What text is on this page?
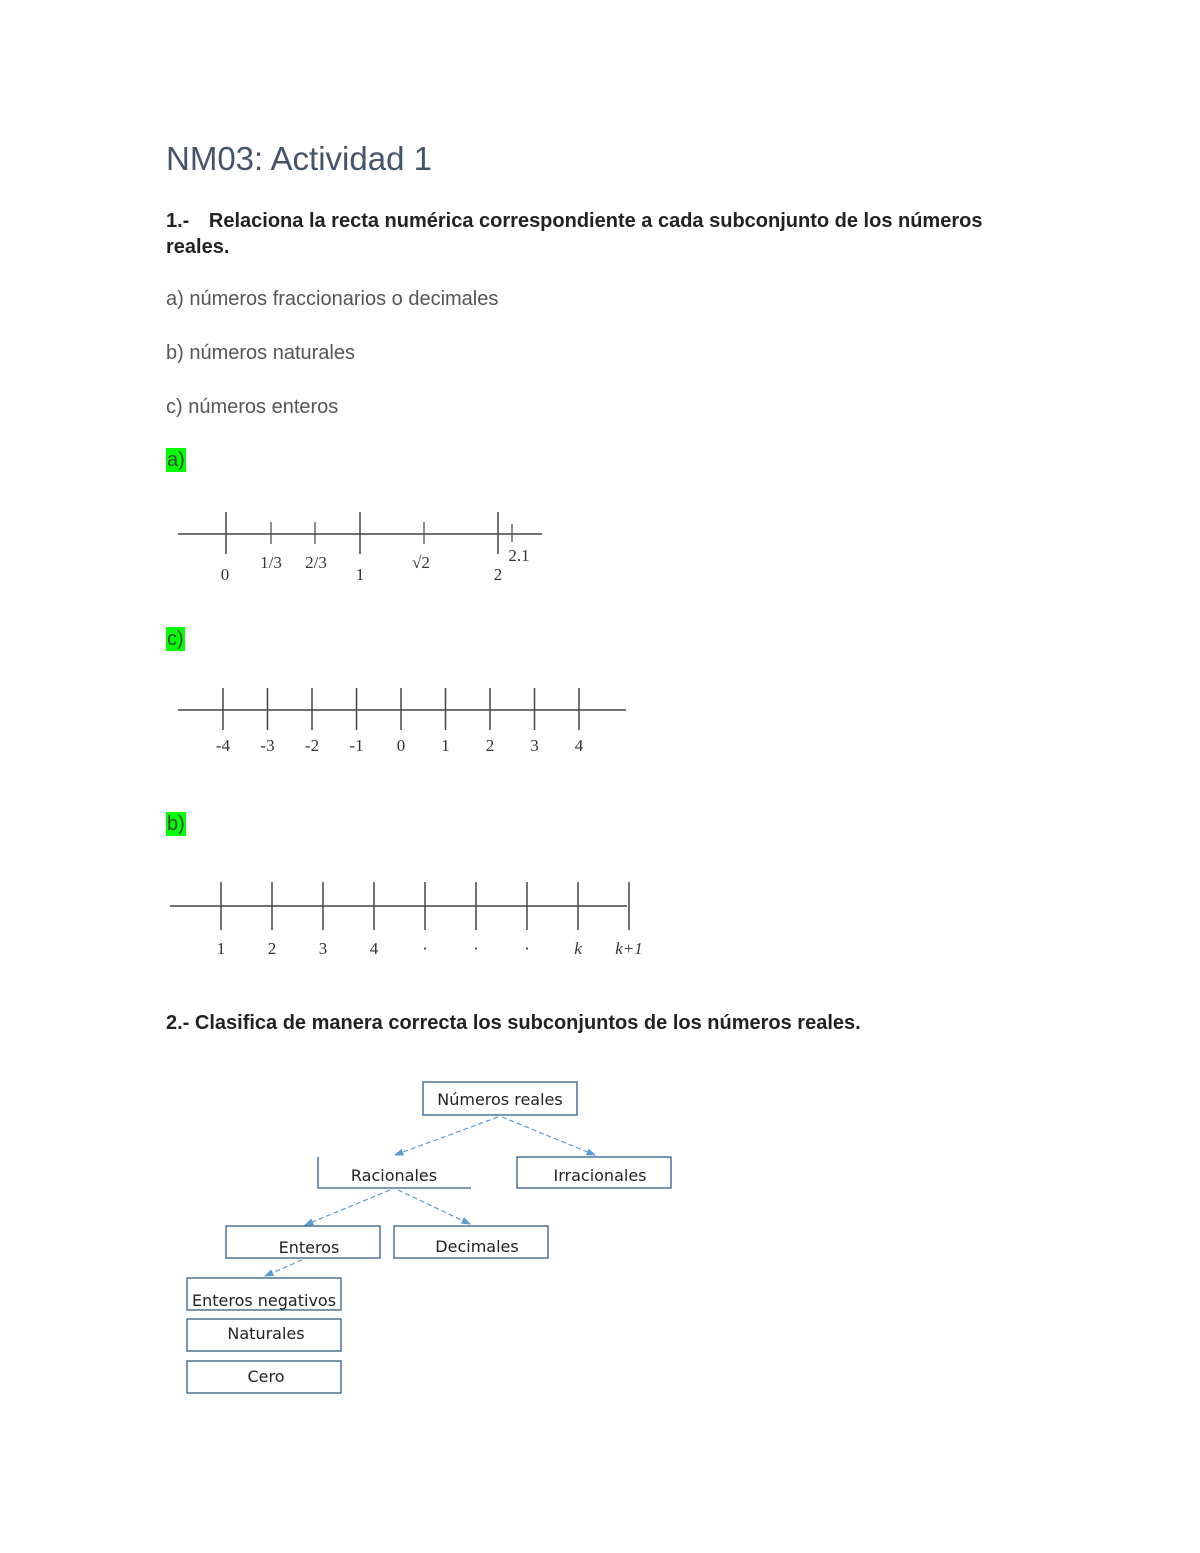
NM03: Actividad 1
1.- Relaciona la recta numérica correspondiente a cada subconjunto de los números reales.
a) números fraccionarios o decimales
b) números naturales
c) números enteros
a)
0
1/3 2/3
1
√2
2
2.1
c)
-4 -3 -2 -1 0 1 2 3 4
b)
1	2	3	4	·	·	·	k k+1
2.- Clasifica de manera correcta los subconjuntos de los números reales.
Números reales
Racionales	Irracionales
Enteros	Decimales
Enteros negativos
Naturales
Cero
